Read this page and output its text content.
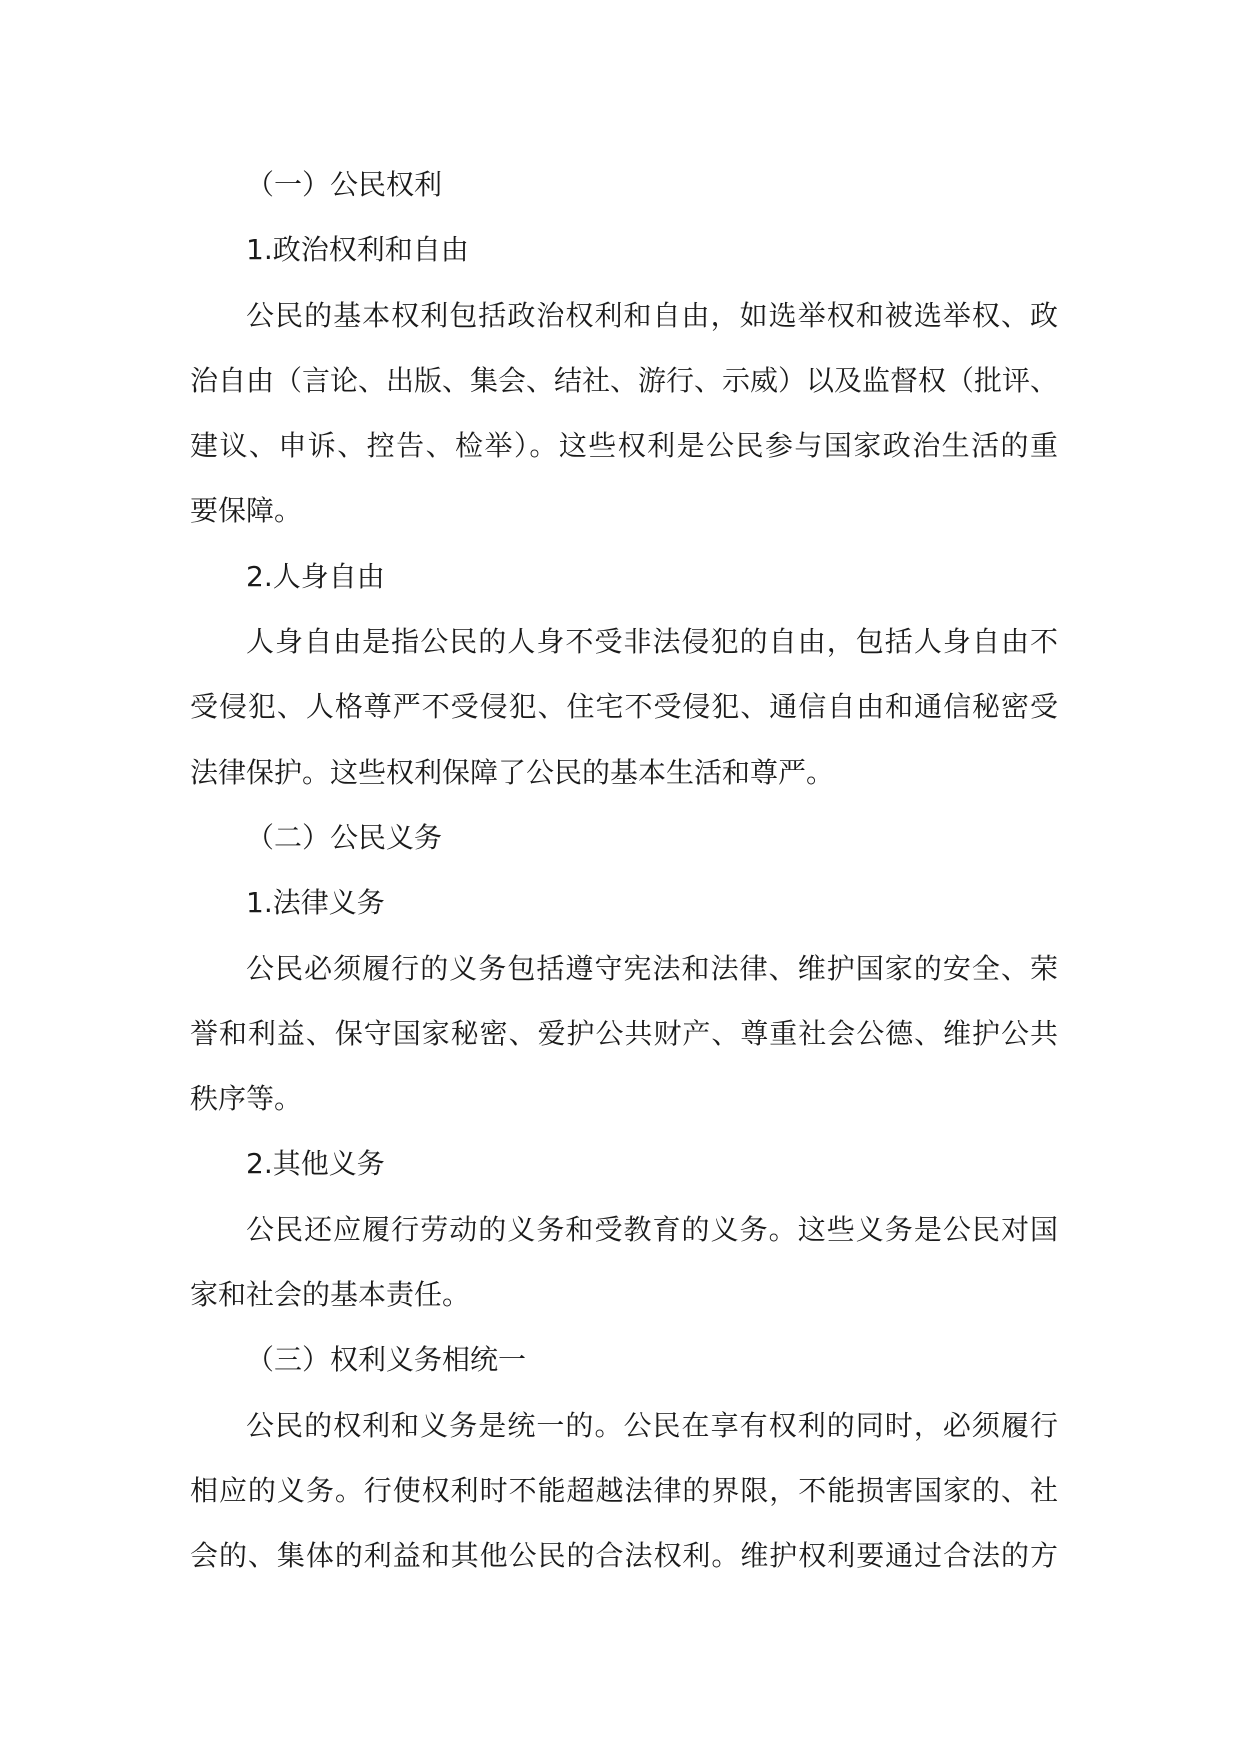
（一）公民权利
1.政治权利和自由
公民的基本权利包括政治权利和自由，如选举权和被选举权、政
治自由（言论、出版、集会、结社、游行、示威）以及监督权（批评、
建议、申诉、控告、检举）。这些权利是公民参与国家政治生活的重
要保障。
2.人身自由
人身自由是指公民的人身不受非法侵犯的自由，包括人身自由不
受侵犯、人格尊严不受侵犯、住宅不受侵犯、通信自由和通信秘密受
法律保护。这些权利保障了公民的基本生活和尊严。
（二）公民义务
1.法律义务
公民必须履行的义务包括遵守宪法和法律、维护国家的安全、荣
誉和利益、保守国家秘密、爱护公共财产、尊重社会公德、维护公共
秩序等。
2.其他义务
公民还应履行劳动的义务和受教育的义务。这些义务是公民对国
家和社会的基本责任。
（三）权利义务相统一
公民的权利和义务是统一的。公民在享有权利的同时，必须履行
相应的义务。行使权利时不能超越法律的界限，不能损害国家的、社
会的、集体的利益和其他公民的合法权利。维护权利要通过合法的方
